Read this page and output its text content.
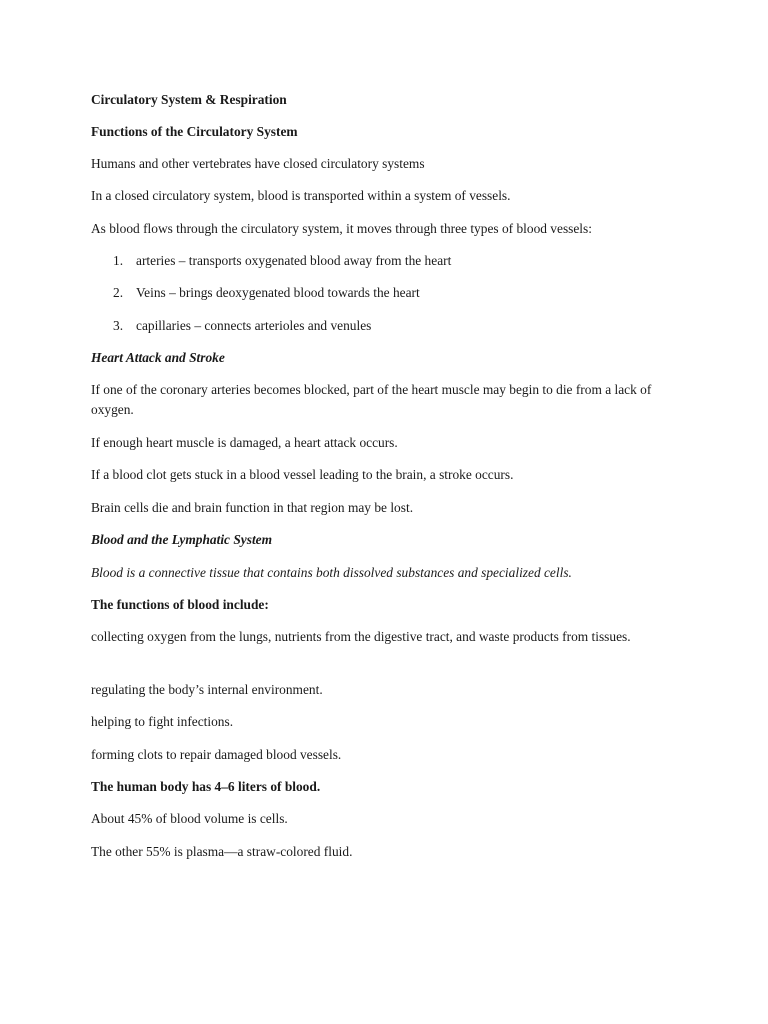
Circulatory System & Respiration
Functions of the Circulatory System
Humans and other vertebrates have closed circulatory systems
In a closed circulatory system, blood is transported within a system of vessels.
As blood flows through the circulatory system, it moves through three types of blood vessels:
1. arteries – transports oxygenated blood away from the heart
2. Veins – brings deoxygenated blood towards the heart
3. capillaries – connects arterioles and venules
Heart Attack and Stroke
If one of the coronary arteries becomes blocked, part of the heart muscle may begin to die from a lack of oxygen.
If enough heart muscle is damaged, a heart attack occurs.
If a blood clot gets stuck in a blood vessel leading to the brain, a stroke occurs.
Brain cells die and brain function in that region may be lost.
Blood and the Lymphatic System
Blood is a connective tissue that contains both dissolved substances and specialized cells.
The functions of blood include:
collecting oxygen from the lungs, nutrients from the digestive tract, and waste products from tissues.
regulating the body’s internal environment.
helping to fight infections.
forming clots to repair damaged blood vessels.
The human body has 4–6 liters of blood.
About 45% of blood volume is cells.
The other 55% is plasma—a straw-colored fluid.
